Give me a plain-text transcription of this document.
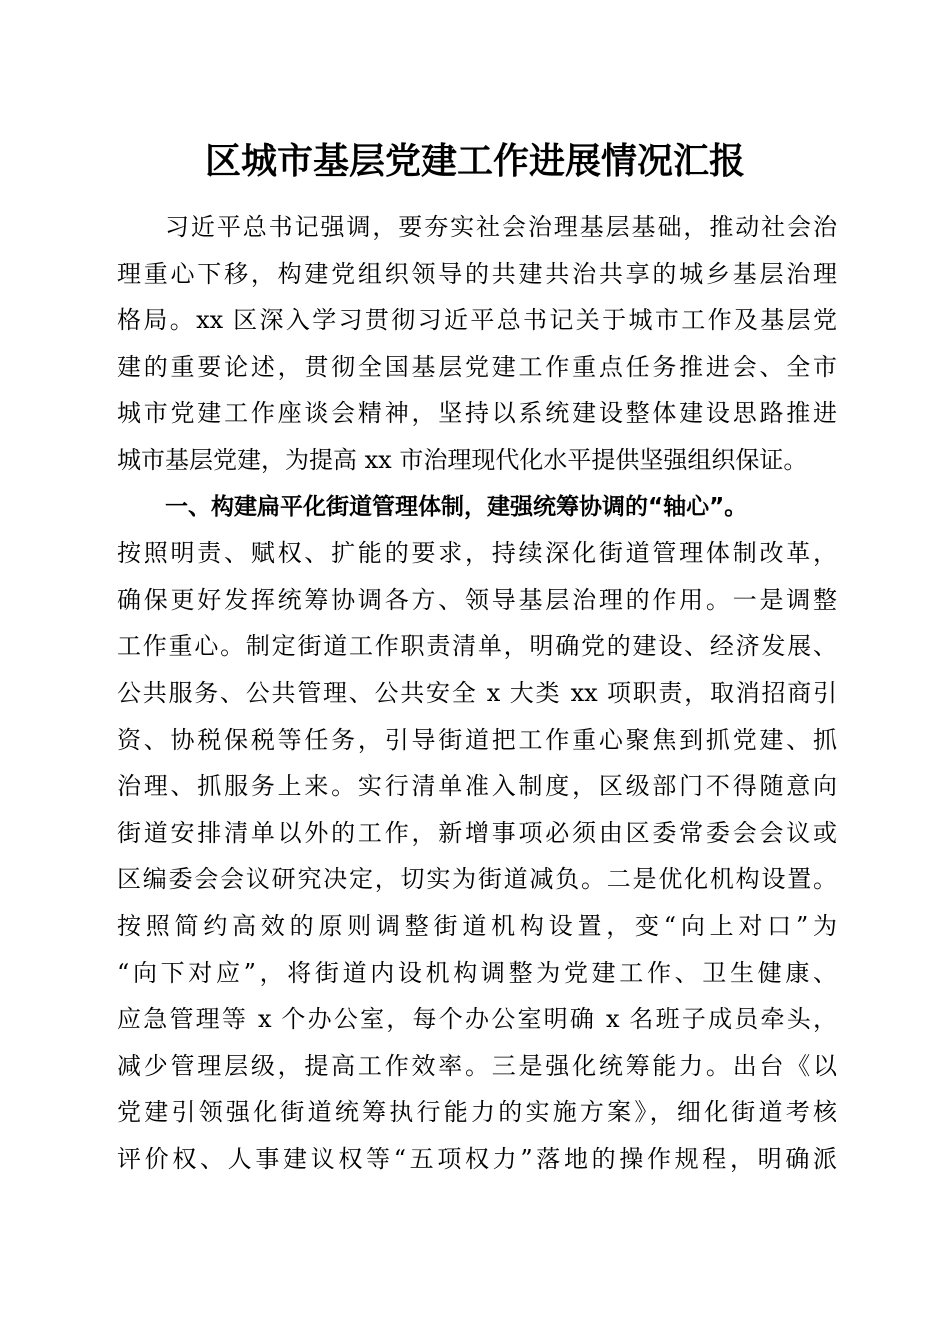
区城市基层党建工作进展情况汇报
习近平总书记强调，要夯实社会治理基层基础，推动社会治
理重心下移，构建党组织领导的共建共治共享的城乡基层治理
格局。xx 区深入学习贯彻习近平总书记关于城市工作及基层党
建的重要论述，贯彻全国基层党建工作重点任务推进会、全市
城市党建工作座谈会精神，坚持以系统建设整体建设思路推进
城市基层党建，为提高 xx 市治理现代化水平提供坚强组织保证。
一、构建扁平化街道管理体制，建强统筹协调的“轴心”。
按照明责、赋权、扩能的要求，持续深化街道管理体制改革，
确保更好发挥统筹协调各方、领导基层治理的作用。一是调整
工作重心。制定街道工作职责清单，明确党的建设、经济发展、
公共服务、公共管理、公共安全 x 大类 xx 项职责，取消招商引
资、协税保税等任务，引导街道把工作重心聚焦到抓党建、抓
治理、抓服务上来。实行清单准入制度，区级部门不得随意向
街道安排清单以外的工作，新增事项必须由区委常委会会议或
区编委会会议研究决定，切实为街道减负。二是优化机构设置。
按照简约高效的原则调整街道机构设置，变“向上对口”为
“向下对应”，将街道内设机构调整为党建工作、卫生健康、
应急管理等 x 个办公室，每个办公室明确 x 名班子成员牵头，
减少管理层级，提高工作效率。三是强化统筹能力。出台《以
党建引领强化街道统筹执行能力的实施方案》，细化街道考核
评价权、人事建议权等“五项权力”落地的操作规程，明确派
